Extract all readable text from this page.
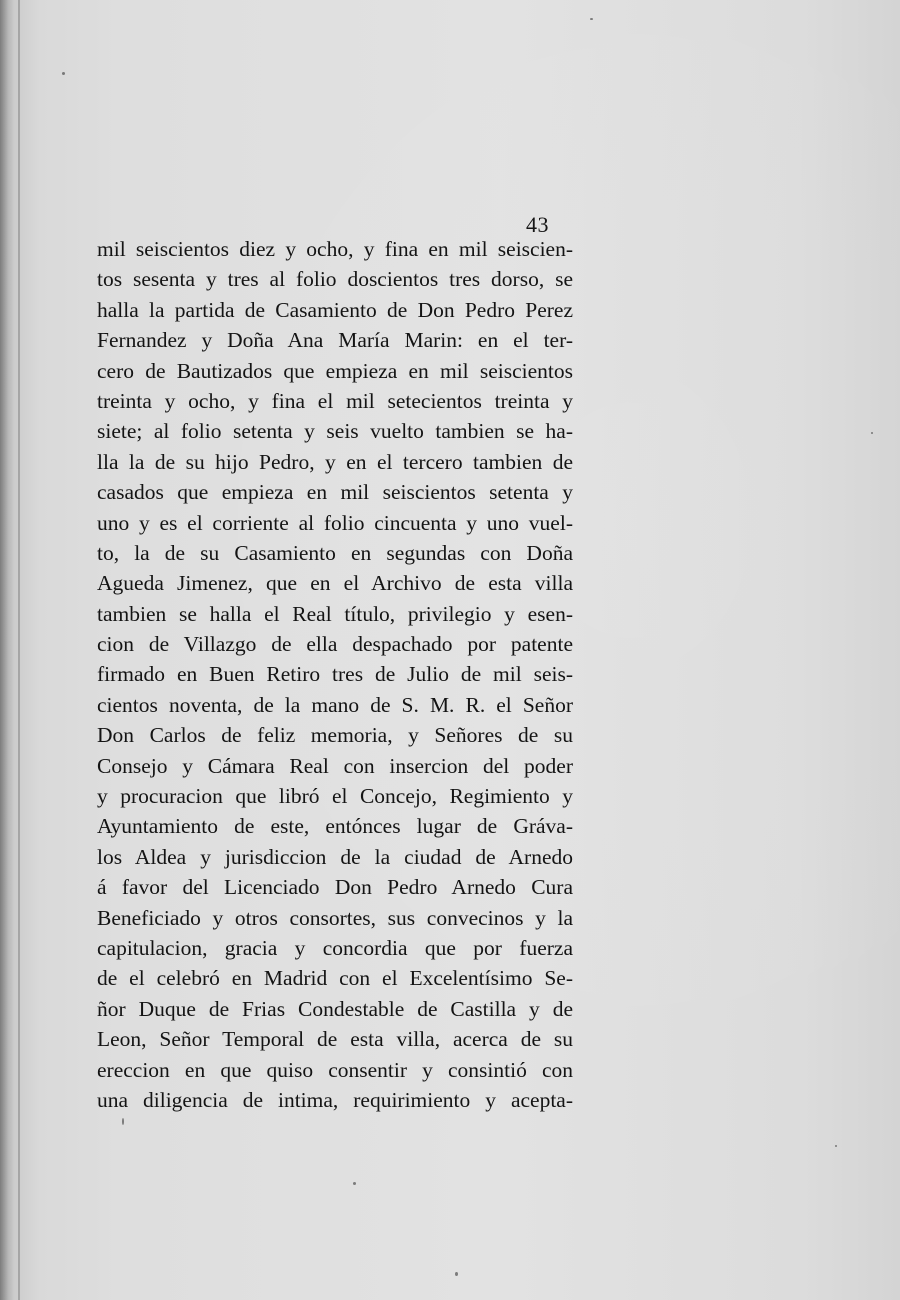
43
mil seiscientos diez y ocho, y fina en mil seiscien-
tos sesenta y tres al folio doscientos tres dorso, se
halla la partida de Casamiento de Don Pedro Perez
Fernandez y Doña Ana María Marin: en el ter-
cero de Bautizados que empieza en mil seiscientos
treinta y ocho, y fina el mil setecientos treinta y
siete; al folio setenta y seis vuelto tambien se ha-
lla la de su hijo Pedro, y en el tercero tambien de
casados que empieza en mil seiscientos setenta y
uno y es el corriente al folio cincuenta y uno vuel-
to, la de su Casamiento en segundas con Doña
Agueda Jimenez, que en el Archivo de esta villa
tambien se halla el Real título, privilegio y esen-
cion de Villazgo de ella despachado por patente
firmado en Buen Retiro tres de Julio de mil seis-
cientos noventa, de la mano de S. M. R. el Señor
Don Carlos de feliz memoria, y Señores de su
Consejo y Cámara Real con insercion del poder
y procuracion que libró el Concejo, Regimiento y
Ayuntamiento de este, entónces lugar de Gráva-
los Aldea y jurisdiccion de la ciudad de Arnedo
á favor del Licenciado Don Pedro Arnedo Cura
Beneficiado y otros consortes, sus convecinos y la
capitulacion, gracia y concordia que por fuerza
de el celebró en Madrid con el Excelentísimo Se-
ñor Duque de Frias Condestable de Castilla y de
Leon, Señor Temporal de esta villa, acerca de su
ereccion en que quiso consentir y consintió con
una diligencia de intima, requirimiento y acepta-
